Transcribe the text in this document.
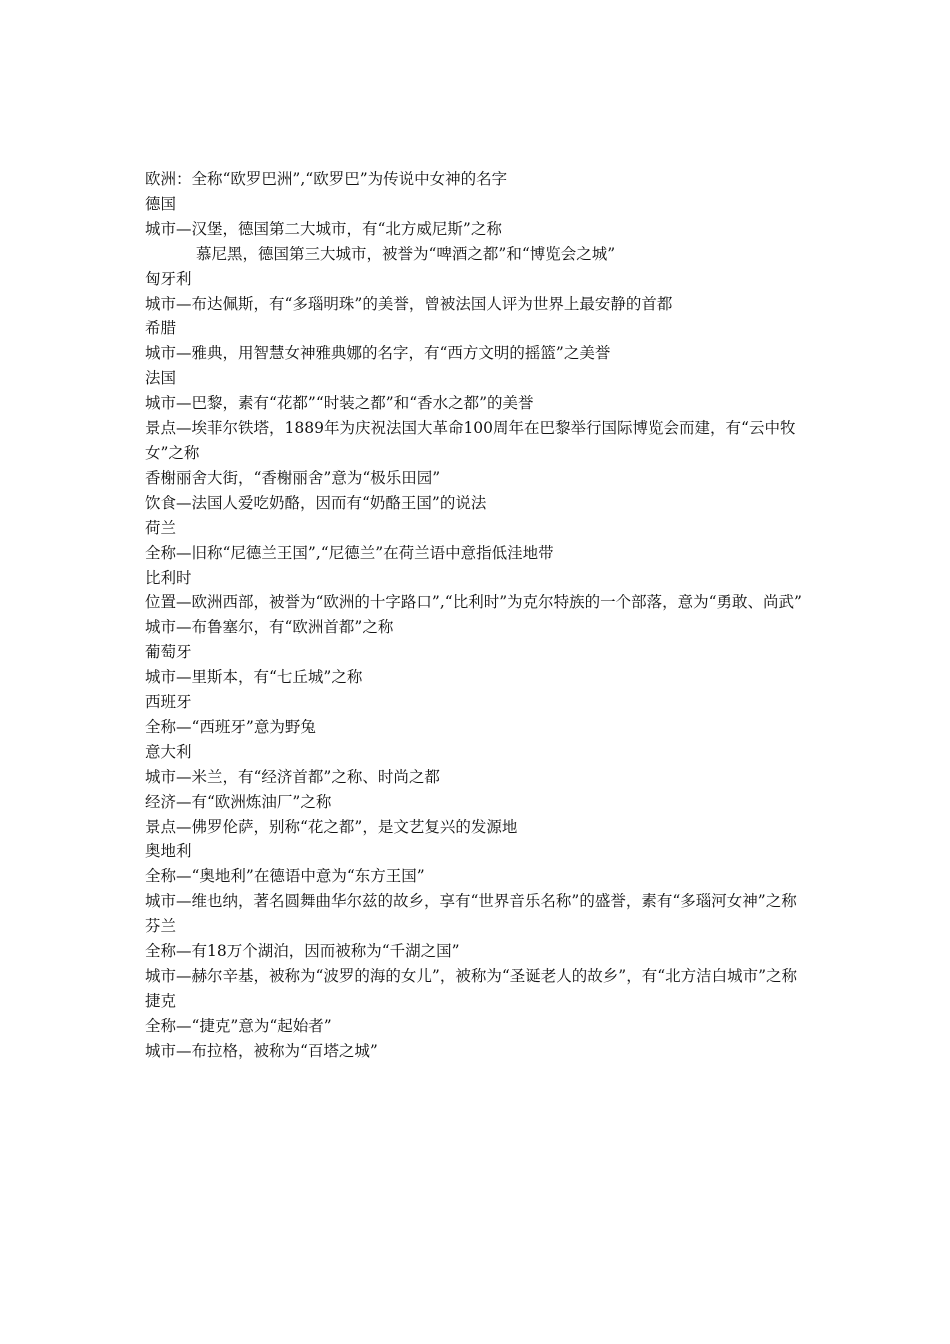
欧洲：全称“欧罗巴洲”,“欧罗巴”为传说中女神的名字
德国
城市—汉堡，德国第二大城市，有“北方威尼斯”之称
慕尼黑，德国第三大城市，被誉为“啤酒之都”和“博览会之城”
匈牙利
城市—布达佩斯，有“多瑙明珠”的美誉，曾被法国人评为世界上最安静的首都
希腊
城市—雅典，用智慧女神雅典娜的名字，有“西方文明的摇篮”之美誉
法国
城市—巴黎，素有“花都”“时装之都”和“香水之都”的美誉
景点—埃菲尔铁塔，1889年为庆祝法国大革命100周年在巴黎举行国际博览会而建，有“云中牧女”之称
香榭丽舍大街，“香榭丽舍”意为“极乐田园”
饮食—法国人爱吃奶酪，因而有“奶酪王国”的说法
荷兰
全称—旧称“尼德兰王国”,“尼德兰”在荷兰语中意指低洼地带
比利时
位置—欧洲西部，被誉为“欧洲的十字路口”,“比利时”为克尔特族的一个部落，意为“勇敢、尚武”
城市—布鲁塞尔，有“欧洲首都”之称
葡萄牙
城市—里斯本，有“七丘城”之称
西班牙
全称—“西班牙”意为野兔
意大利
城市—米兰，有“经济首都”之称、时尚之都
经济—有“欧洲炼油厂”之称
景点—佛罗伦萨，别称“花之都”，是文艺复兴的发源地
奥地利
全称—“奥地利”在德语中意为“东方王国”
城市—维也纳，著名圆舞曲华尔兹的故乡，享有“世界音乐名称”的盛誉，素有“多瑙河女神”之称
芬兰
全称—有18万个湖泊，因而被称为“千湖之国”
城市—赫尔辛基，被称为“波罗的海的女儿”，被称为“圣诞老人的故乡”，有“北方洁白城市”之称
捷克
全称—“捷克”意为“起始者”
城市—布拉格，被称为“百塔之城”
